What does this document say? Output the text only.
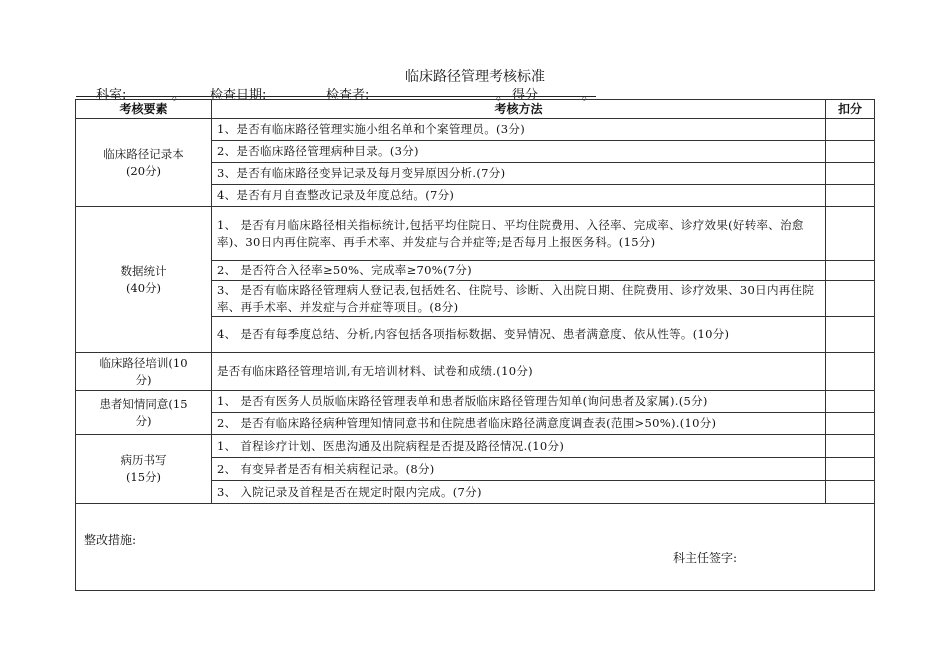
临床路径管理考核标准
科室:	。 检查日期:	检查者:	。 得分	。
考核要素	考核方法	扣分

临床路径记录本
(20分)	1、是否有临床路径管理实施小组名单和个案管理员。(3分)	
	2、是否临床路径管理病种目录。(3分)	
	3、是否有临床路径变异记录及每月变异原因分析.(7分)	
	4、是否有月自查整改记录及年度总结。(7分)	

数据统计
(40分)	1、 是否有月临床路径相关指标统计,包括平均住院日、平均住院费用、入径率、完成率、诊疗效果(好转率、治愈率)、30日内再住院率、再手术率、并发症与合并症等;是否每月上报医务科。(15分)	
	2、 是否符合入径率≥50%、完成率≥70%(7分)	
	3、 是否有临床路径管理病人登记表,包括姓名、住院号、诊断、入出院日期、住院费用、诊疗效果、30日内再住院率、再手术率、并发症与合并症等项目。(8分)	
	4、 是否有每季度总结、分析,内容包括各项指标数据、变异情况、患者满意度、依从性等。(10分)	

临床路径培训(10
分)	是否有临床路径管理培训,有无培训材料、试卷和成绩.(10分)	

患者知情同意(15
分)	1、 是否有医务人员版临床路径管理表单和患者版临床路径管理告知单(询问患者及家属).(5分)	
	2、 是否有临床路径病种管理知情同意书和住院患者临床路径满意度调查表(范围>50%).(10分)	

病历书写
(15分)	1、 首程诊疗计划、医患沟通及出院病程是否提及路径情况.(10分)	
	2、 有变异者是否有相关病程记录。(8分)	
	3、 入院记录及首程是否在规定时限内完成。(7分)	

整改措施:
科主任签字:		
